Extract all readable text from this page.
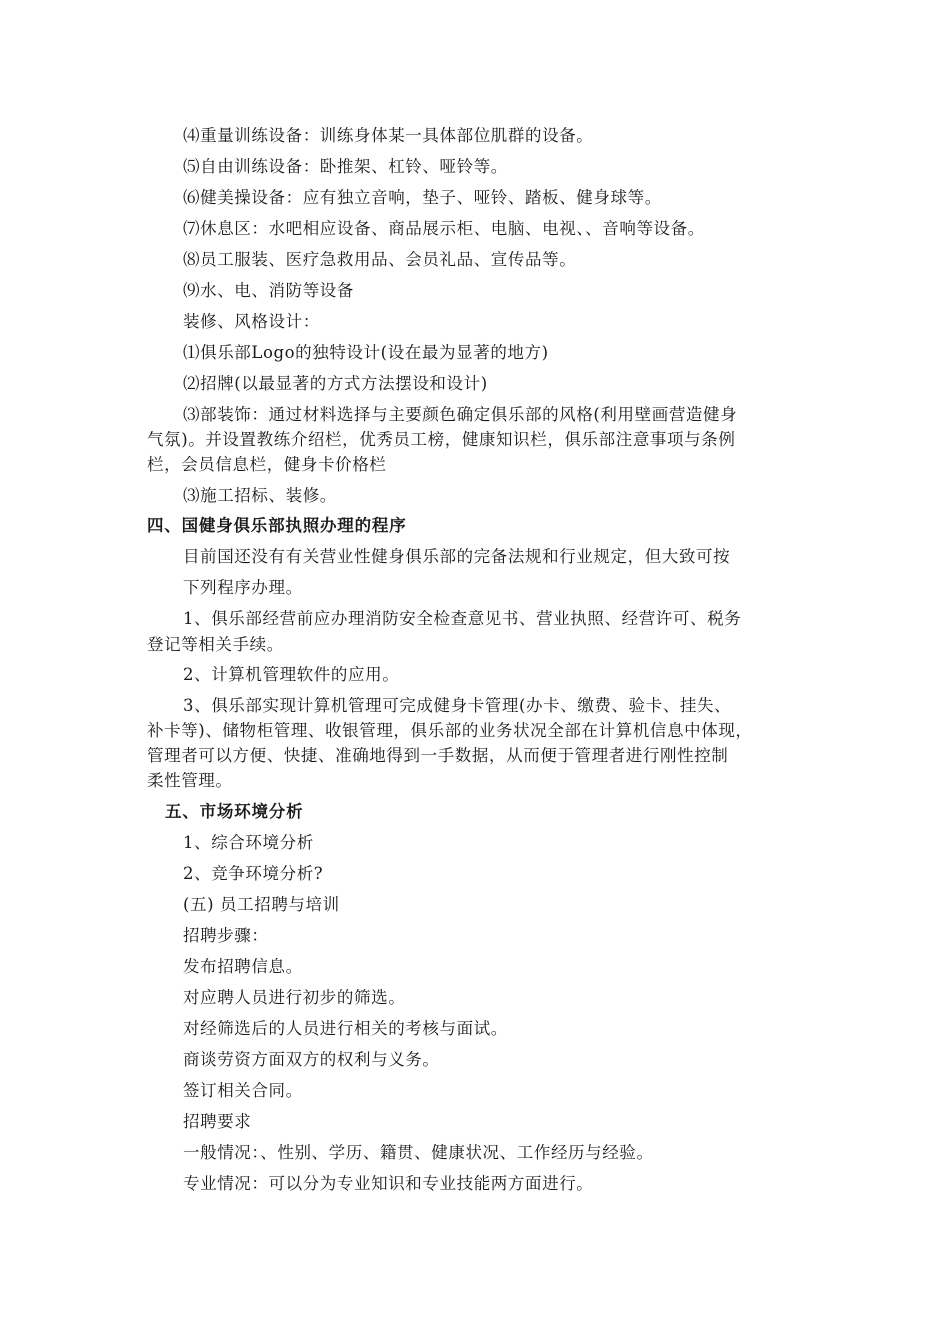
⑷重量训练设备：训练身体某一具体部位肌群的设备。
⑸自由训练设备：卧推架、杠铃、哑铃等。
⑹健美操设备：应有独立音响，垫子、哑铃、踏板、健身球等。
⑺休息区：水吧相应设备、商品展示柜、电脑、电视、、音响等设备。
⑻员工服装、医疗急救用品、会员礼品、宣传品等。
⑼水、电、消防等设备
装修、风格设计：
⑴俱乐部Logo的独特设计(设在最为显著的地方)
⑵招牌(以最显著的方式方法摆设和设计)
⑶部装饰：通过材料选择与主要颜色确定俱乐部的风格(利用壁画营造健身
气氛)。并设置教练介绍栏，优秀员工榜，健康知识栏，俱乐部注意事项与条例
栏，会员信息栏，健身卡价格栏
⑶施工招标、装修。
四、国健身俱乐部执照办理的程序
目前国还没有有关营业性健身俱乐部的完备法规和行业规定，但大致可按
下列程序办理。
1、俱乐部经营前应办理消防安全检查意见书、营业执照、经营许可、税务
登记等相关手续。
2、计算机管理软件的应用。
3、俱乐部实现计算机管理可完成健身卡管理(办卡、缴费、验卡、挂失、
补卡等)、储物柜管理、收银管理，俱乐部的业务状况全部在计算机信息中体现，
管理者可以方便、快捷、准确地得到一手数据，从而便于管理者进行刚性控制
柔性管理。
五、市场环境分析
1、综合环境分析
2、竞争环境分析?
(五) 员工招聘与培训
招聘步骤：
发布招聘信息。
对应聘人员进行初步的筛选。
对经筛选后的人员进行相关的考核与面试。
商谈劳资方面双方的权利与义务。
签订相关合同。
招聘要求
一般情况：、性别、学历、籍贯、健康状况、工作经历与经验。
专业情况：可以分为专业知识和专业技能两方面进行。
